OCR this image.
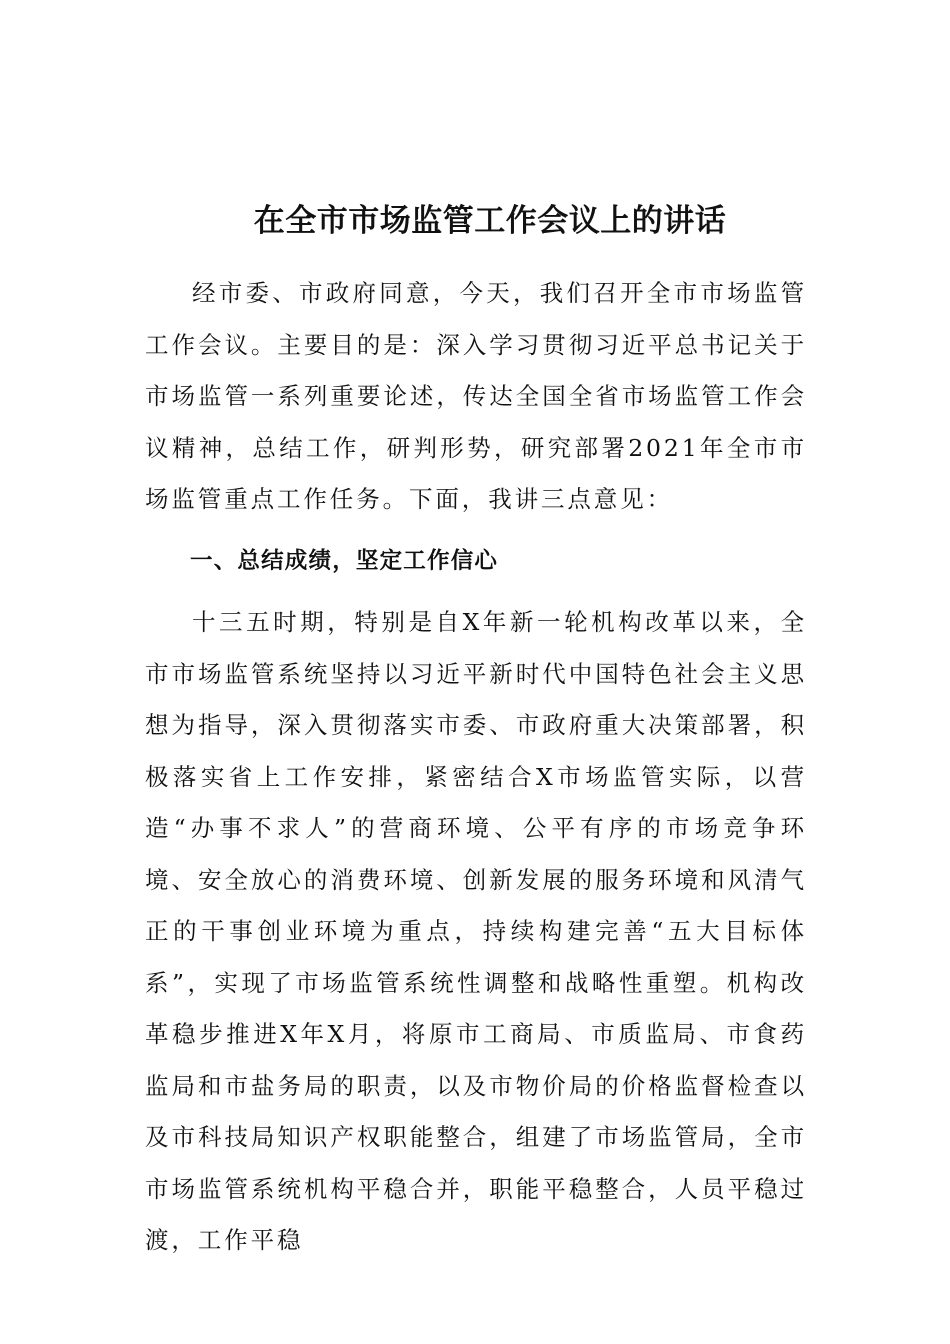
在全市市场监管工作会议上的讲话

经市委、市政府同意，今天，我们召开全市市场监管工作会议。主要目的是：深入学习贯彻习近平总书记关于市场监管一系列重要论述，传达全国全省市场监管工作会议精神，总结工作，研判形势，研究部署2021年全市市场监管重点工作任务。下面，我讲三点意见：

一、总结成绩，坚定工作信心

十三五时期，特别是自X年新一轮机构改革以来，全市市场监管系统坚持以习近平新时代中国特色社会主义思想为指导，深入贯彻落实市委、市政府重大决策部署，积极落实省上工作安排，紧密结合X市场监管实际，以营造“办事不求人”的营商环境、公平有序的市场竞争环境、安全放心的消费环境、创新发展的服务环境和风清气正的干事创业环境为重点，持续构建完善“五大目标体系”，实现了市场监管系统性调整和战略性重塑。机构改革稳步推进X年X月，将原市工商局、市质监局、市食药监局和市盐务局的职责，以及市物价局的价格监督检查以及市科技局知识产权职能整合，组建了市场监管局，全市市场监管系统机构平稳合并，职能平稳整合，人员平稳过渡，工作平稳
